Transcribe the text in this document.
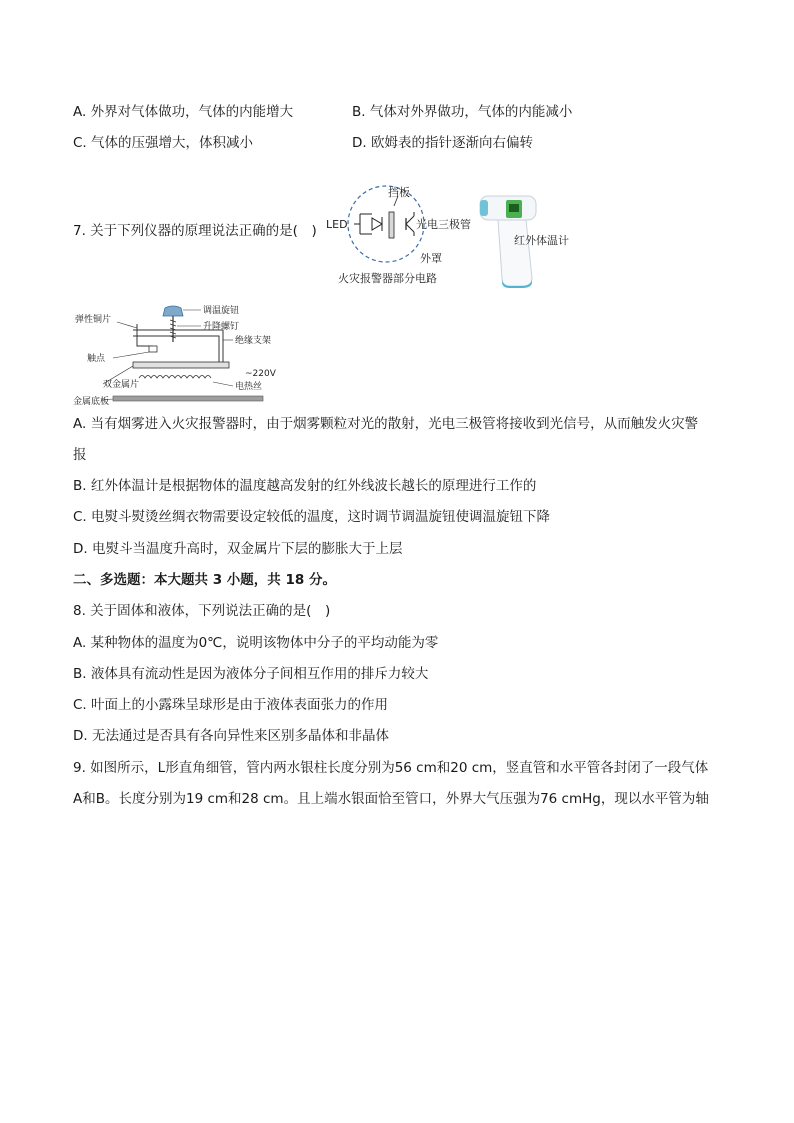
A. 外界对气体做功，气体的内能增大	B. 气体对外界做功，气体的内能减小
C. 气体的压强增大，体积减小	D. 欧姆表的指针逐渐向右偏转
7. 关于下列仪器的原理说法正确的是(　) LED
挡板
光电三极管
外罩
火灾报警器部分电路
红外体温计
调温旋钮
升降螺钉
弹性铜片
绝缘支架
触点
~220V
双金属片	电热丝
金属底板
A. 当有烟雾进入火灾报警器时，由于烟雾颗粒对光的散射，光电三极管将接收到光信号，从而触发火灾警
报
B. 红外体温计是根据物体的温度越高发射的红外线波长越长的原理进行工作的
C. 电熨斗熨烫丝绸衣物需要设定较低的温度，这时调节调温旋钮使调温旋钮下降
D. 电熨斗当温度升高时，双金属片下层的膨胀大于上层
二、多选题：本大题共 3 小题，共 18 分。
8. 关于固体和液体，下列说法正确的是(　)
A. 某种物体的温度为0℃，说明该物体中分子的平均动能为零
B. 液体具有流动性是因为液体分子间相互作用的排斥力较大
C. 叶面上的小露珠呈球形是由于液体表面张力的作用
D. 无法通过是否具有各向异性来区别多晶体和非晶体
9. 如图所示，L形直角细管，管内两水银柱长度分别为56 cm和20 cm，竖直管和水平管各封闭了一段气体
A和B。长度分别为19 cm和28 cm。且上端水银面恰至管口，外界大气压强为76 cmHg，现以水平管为轴
